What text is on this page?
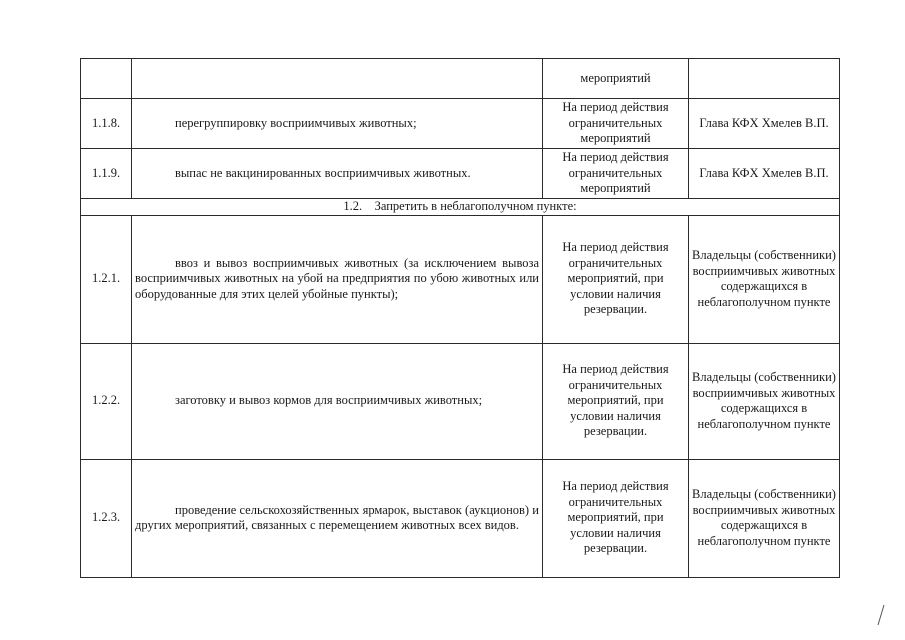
		мероприятий	
1.1.8.	перегруппировку восприимчивых животных;	На период действия ограничительных мероприятий	Глава КФХ Хмелев В.П.
1.1.9.	выпас не вакцинированных восприимчивых животных.	На период действия ограничительных мероприятий	Глава КФХ Хмелев В.П.
1.2.    Запретить в неблагополучном пункте:			
1.2.1.	ввоз и вывоз восприимчивых животных (за исключением вывоза восприимчивых животных на убой на предприятия по убою животных или оборудованные для этих целей убойные пункты);	На период действия ограничительных мероприятий, при условии наличия резервации.	Владельцы (собственники) восприимчивых животных содержащихся в неблагополучном пункте
1.2.2.	заготовку и вывоз кормов для восприимчивых животных;	На период действия ограничительных мероприятий, при условии наличия резервации.	Владельцы (собственники) восприимчивых животных содержащихся в неблагополучном пункте
1.2.3.	проведение сельскохозяйственных ярмарок, выставок (аукционов) и других мероприятий, связанных с перемещением животных всех видов.	На период действия ограничительных мероприятий, при условии наличия резервации.	Владельцы (собственники) восприимчивых животных содержащихся в неблагополучном пункте
